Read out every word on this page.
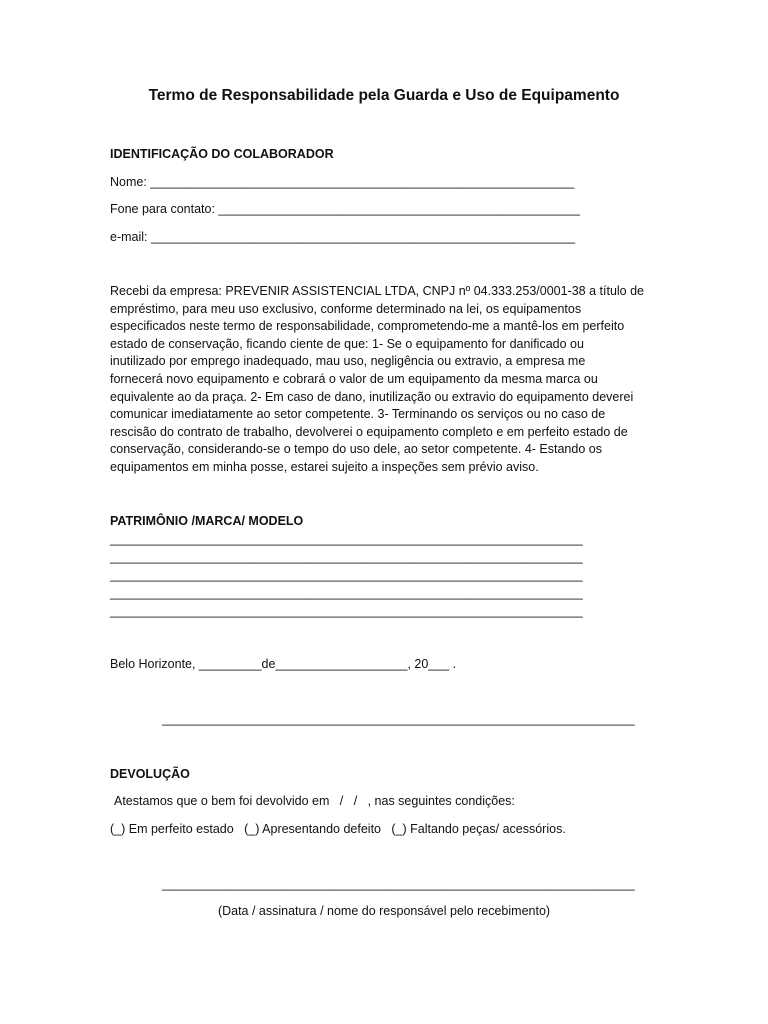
Termo de Responsabilidade pela Guarda e Uso de Equipamento
IDENTIFICAÇÃO DO COLABORADOR
Nome: _____________________________________________________________
Fone para contato: ____________________________________________________
e-mail: _____________________________________________________________
Recebi da empresa: PREVENIR ASSISTENCIAL LTDA, CNPJ nº 04.333.253/0001-38 a título de
empréstimo, para meu uso exclusivo, conforme determinado na lei, os equipamentos
especificados neste termo de responsabilidade, comprometendo-me a mantê-los em perfeito
estado de conservação, ficando ciente de que: 1- Se o equipamento for danificado ou
inutilizado por emprego inadequado, mau uso, negligência ou extravio, a empresa me
fornecerá novo equipamento e cobrará o valor de um equipamento da mesma marca ou
equivalente ao da praça. 2- Em caso de dano, inutilização ou extravio do equipamento deverei
comunicar imediatamente ao setor competente. 3- Terminando os serviços ou no caso de
rescisão do contrato de trabalho, devolverei o equipamento completo e em perfeito estado de
conservação, considerando-se o tempo do uso dele, ao setor competente. 4- Estando os
equipamentos em minha posse, estarei sujeito a inspeções sem prévio aviso.
PATRIMÔNIO /MARCA/ MODELO
____________________________________________________________________
____________________________________________________________________
____________________________________________________________________
____________________________________________________________________
____________________________________________________________________
Belo Horizonte, _________de___________________, 20___ .
____________________________________________________________________
DEVOLUÇÃO
Atestamos que o bem foi devolvido em   /   /   , nas seguintes condições:
(_) Em perfeito estado   (_) Apresentando defeito   (_) Faltando peças/ acessórios.
____________________________________________________________________
(Data / assinatura / nome do responsável pelo recebimento)
